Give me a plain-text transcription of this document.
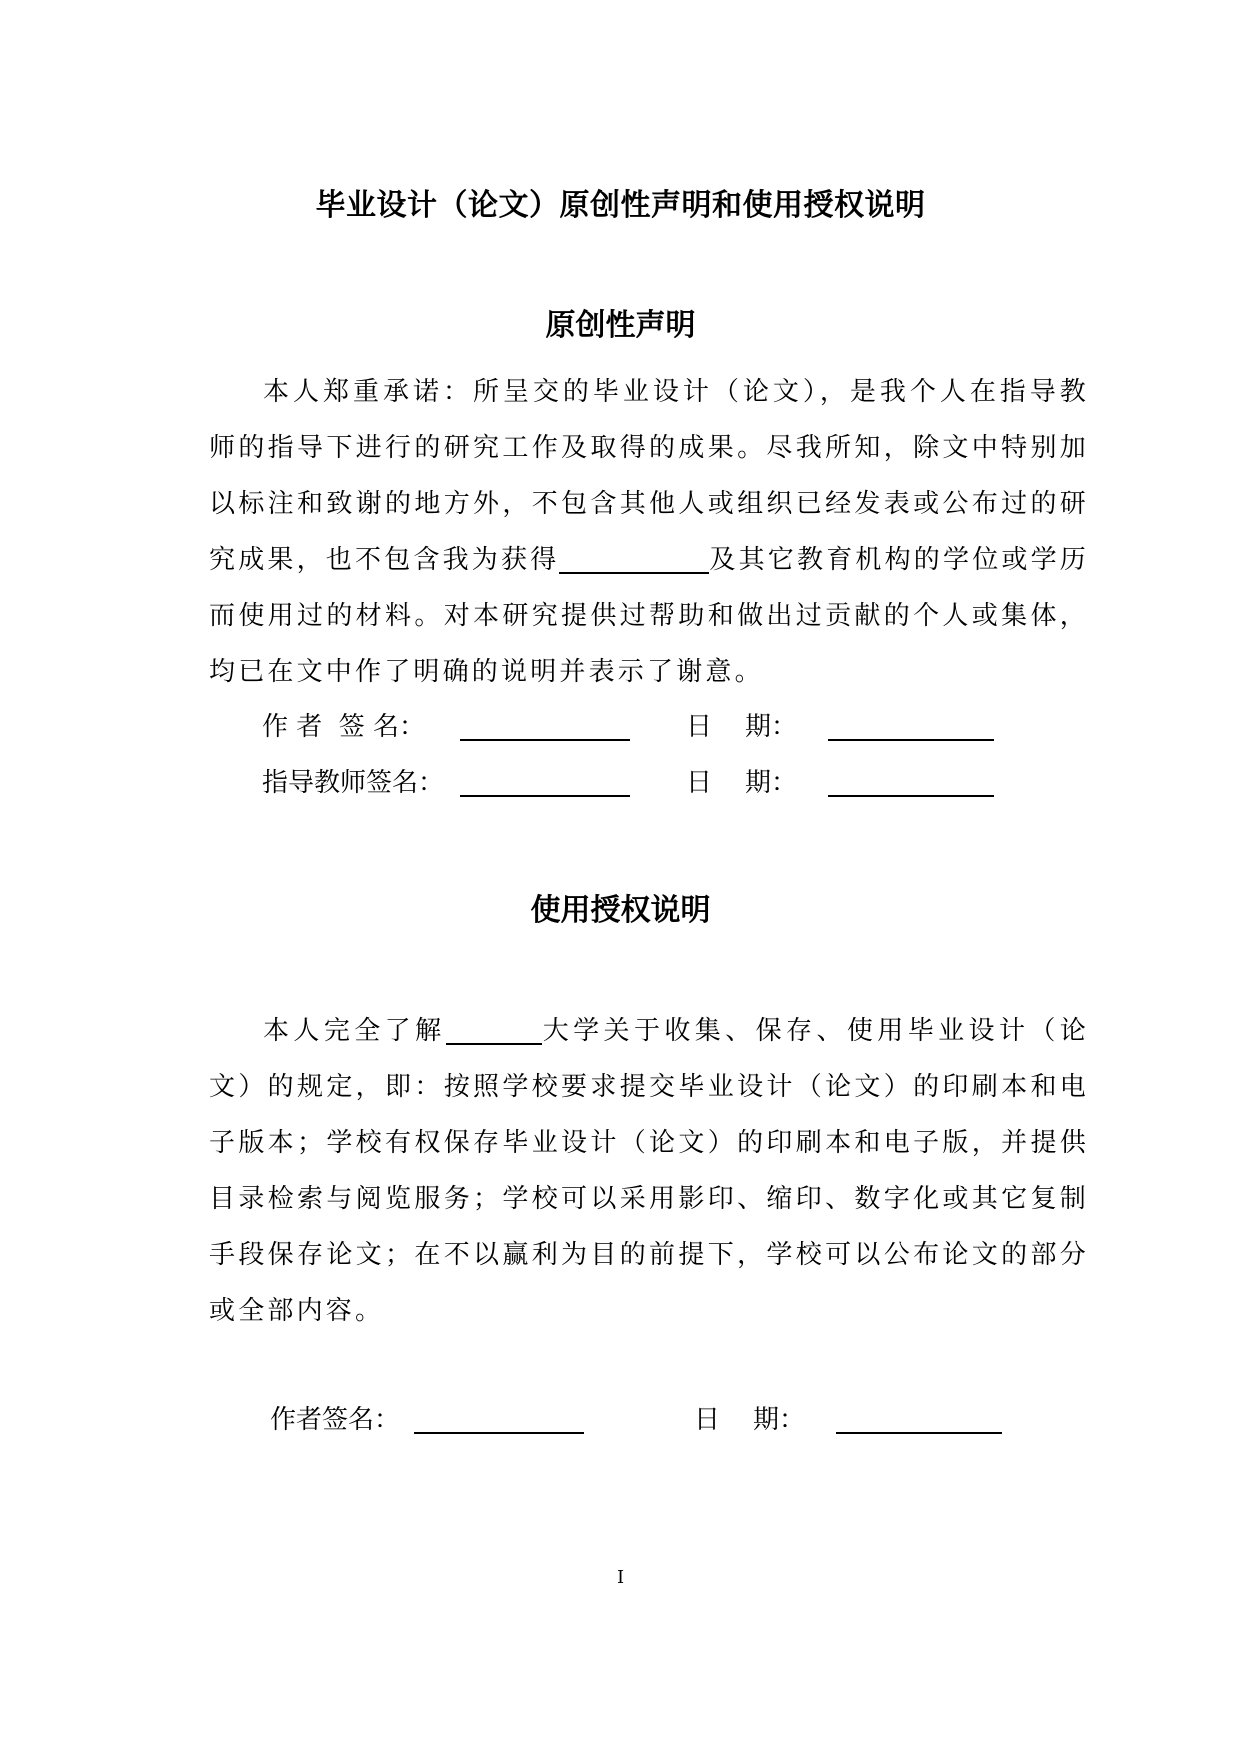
毕业设计（论文）原创性声明和使用授权说明
原创性声明
本人郑重承诺：所呈交的毕业设计（论文），是我个人在指导教师的指导下进行的研究工作及取得的成果。尽我所知，除文中特别加以标注和致谢的地方外，不包含其他人或组织已经发表或公布过的研究成果，也不包含我为获得	及其它教育机构的学位或学历而使用过的材料。对本研究提供过帮助和做出过贡献的个人或集体，均已在文中作了明确的说明并表示了谢意。
作 者  签 名：	日    期：
指导教师签名：	日    期：
使用授权说明
本人完全了解	大学关于收集、保存、使用毕业设计（论文）的规定，即：按照学校要求提交毕业设计（论文）的印刷本和电子版本；学校有权保存毕业设计（论文）的印刷本和电子版，并提供目录检索与阅览服务；学校可以采用影印、缩印、数字化或其它复制手段保存论文；在不以赢利为目的前提下，学校可以公布论文的部分或全部内容。
作者签名：	日    期：
I
